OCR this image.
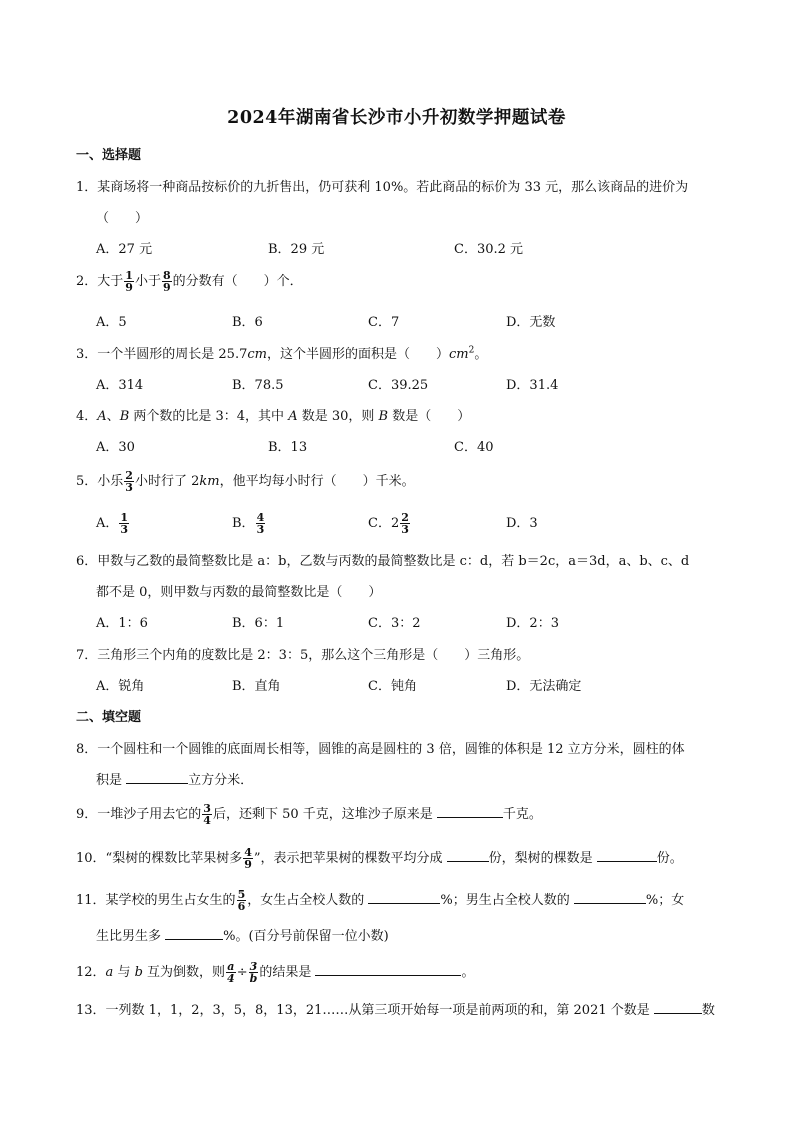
2024年湖南省长沙市小升初数学押题试卷
一、选择题
1．某商场将一种商品按标价的九折售出，仍可获利 10%。若此商品的标价为 33 元，那么该商品的进价为
（　　）
A．27 元	B．29 元	C．30.2 元
2．大于 $\frac{1}{9}$ 小于 $\frac{8}{9}$ 的分数有（　　）个．
A．5	B．6	C．7	D．无数
3．一个半圆形的周长是 25.7cm，这个半圆形的面积是（　　）$cm^2$。
A．314	B．78.5	C．39.25	D．31.4
4．A、B 两个数的比是 3：4，其中 A 数是 30，则 B 数是（　　）
A．30	B．13	C．40
5．小乐 $\frac{2}{3}$ 小时行了 2km，他平均每小时行（　　）千米。
A． $\frac{1}{3}$	B． $\frac{4}{3}$	C．$2 \frac{2}{3}$	D．3
6．甲数与乙数的最简整数比是 a：b，乙数与丙数的最简整数比是 c：d，若 b＝2c，a＝3d，a、b、c、d
都不是 0，则甲数与丙数的最简整数比是（　　）
A．1：6	B．6：1	C．3：2	D．2：3
7．三角形三个内角的度数比是 2：3：5，那么这个三角形是（　　）三角形。
A．锐角	B．直角	C．钝角	D．无法确定
二、填空题
8．一个圆柱和一个圆锥的底面周长相等，圆锥的高是圆柱的 3 倍，圆锥的体积是 12 立方分米，圆柱的体
积是	立方分米．
9．一堆沙子用去它的 $\frac{3}{4}$ 后，还剩下 50 千克，这堆沙子原来是	千克。
10．“梨树的棵数比苹果树多 $\frac{4}{9}$ ”，表示把苹果树的棵数平均分成	份，梨树的棵数是	份。
11．某学校的男生占女生的 $\frac{5}{6}$ ，女生占全校人数的	%；男生占全校人数的	%；女
生比男生多	%。(百分号前保留一位小数)
12．a 与 b 互为倒数，则 $\frac{a}{4} \div \frac{3}{b}$ 的结果是	。
13．一列数 1，1，2，3，5，8，13，21……从第三项开始每一项是前两项的和，第 2021 个数是	数
